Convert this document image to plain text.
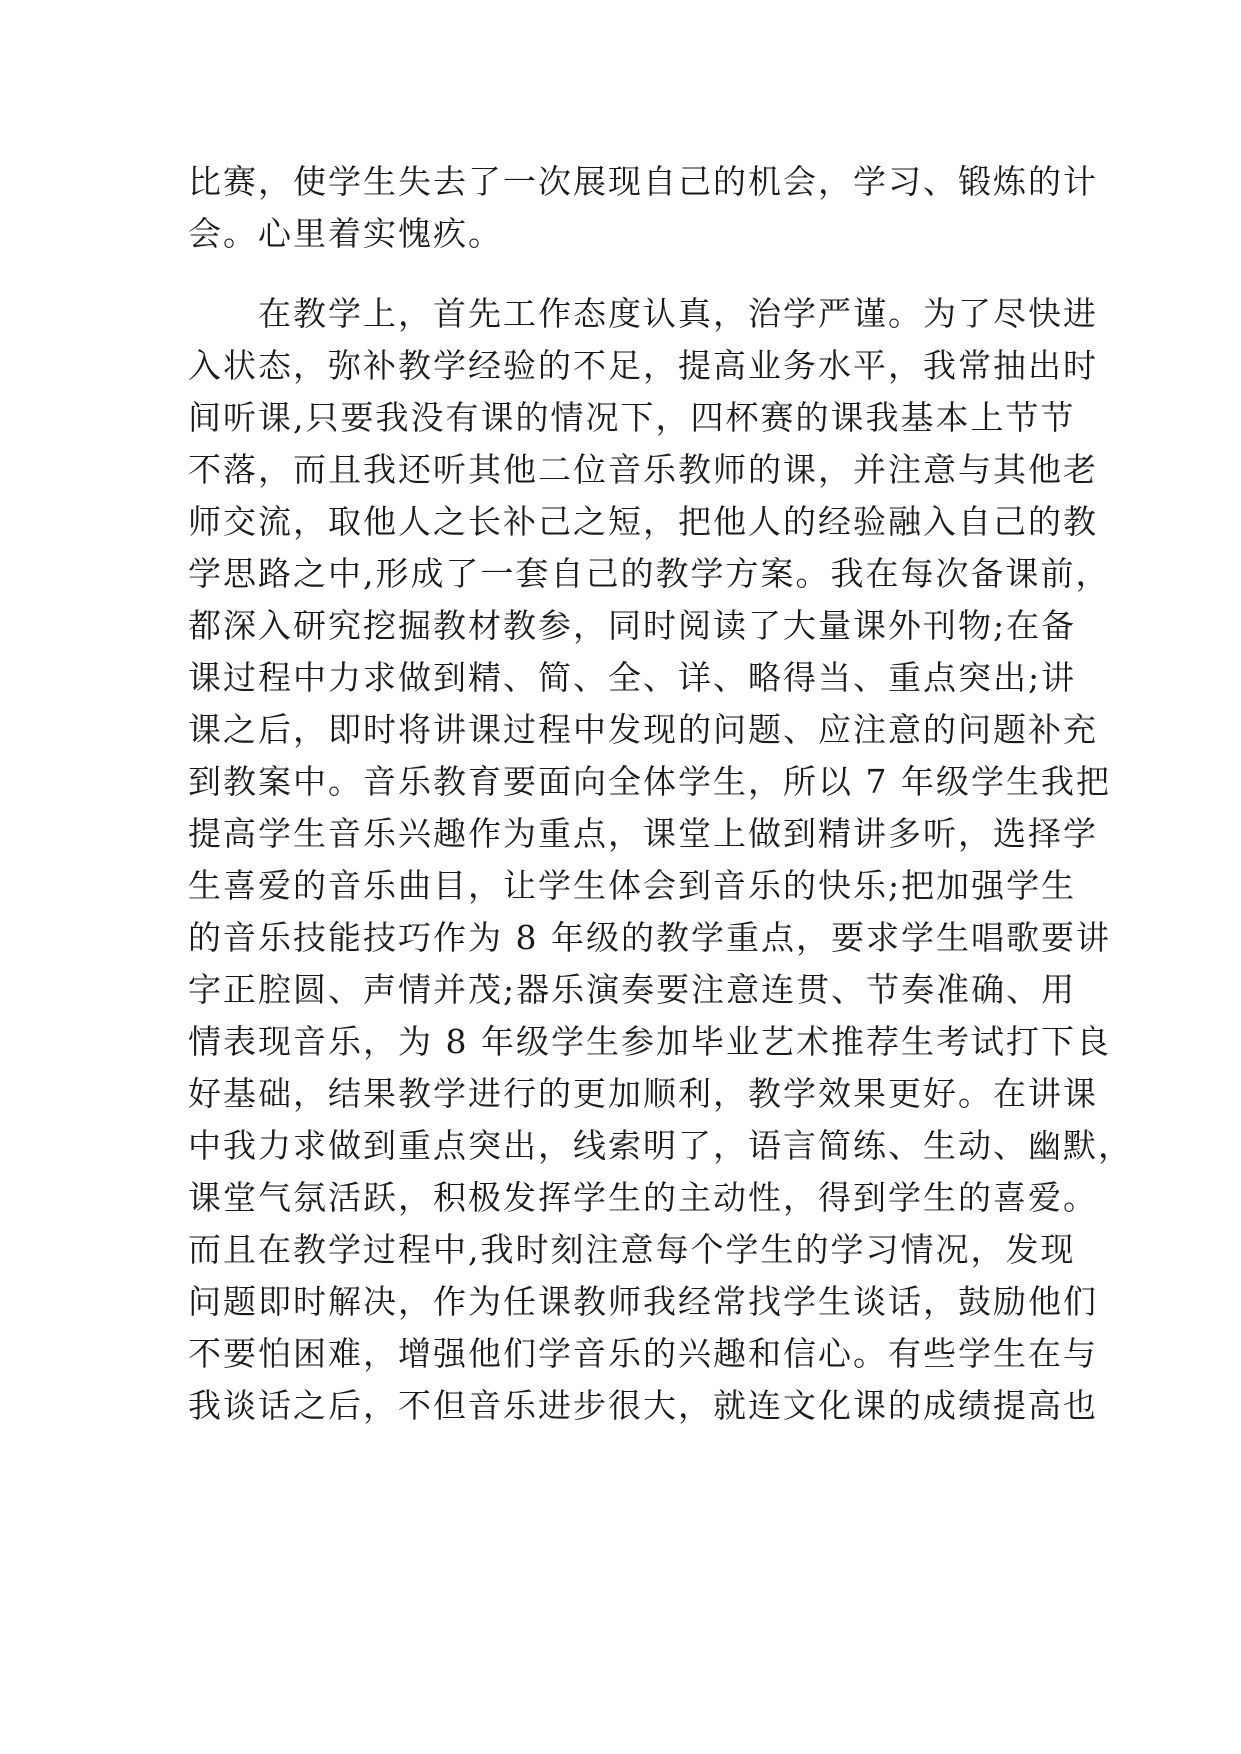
比赛，使学生失去了一次展现自己的机会，学习、锻炼的计
会。心里着实愧疚。
　　在教学上，首先工作态度认真，治学严谨。为了尽快进
入状态，弥补教学经验的不足，提高业务水平，我常抽出时
间听课,只要我没有课的情况下，四杯赛的课我基本上节节
不落，而且我还听其他二位音乐教师的课，并注意与其他老
师交流，取他人之长补己之短，把他人的经验融入自己的教
学思路之中,形成了一套自己的教学方案。我在每次备课前，
都深入研究挖掘教材教参，同时阅读了大量课外刊物;在备
课过程中力求做到精、简、全、详、略得当、重点突出;讲
课之后，即时将讲课过程中发现的问题、应注意的问题补充
到教案中。音乐教育要面向全体学生，所以 7 年级学生我把
提高学生音乐兴趣作为重点，课堂上做到精讲多听，选择学
生喜爱的音乐曲目，让学生体会到音乐的快乐;把加强学生
的音乐技能技巧作为 8 年级的教学重点，要求学生唱歌要讲
字正腔圆、声情并茂;器乐演奏要注意连贯、节奏准确、用
情表现音乐，为 8 年级学生参加毕业艺术推荐生考试打下良
好基础，结果教学进行的更加顺利，教学效果更好。在讲课
中我力求做到重点突出，线索明了，语言简练、生动、幽默，
课堂气氛活跃，积极发挥学生的主动性，得到学生的喜爱。
而且在教学过程中,我时刻注意每个学生的学习情况，发现
问题即时解决，作为任课教师我经常找学生谈话，鼓励他们
不要怕困难，增强他们学音乐的兴趣和信心。有些学生在与
我谈话之后，不但音乐进步很大，就连文化课的成绩提高也
